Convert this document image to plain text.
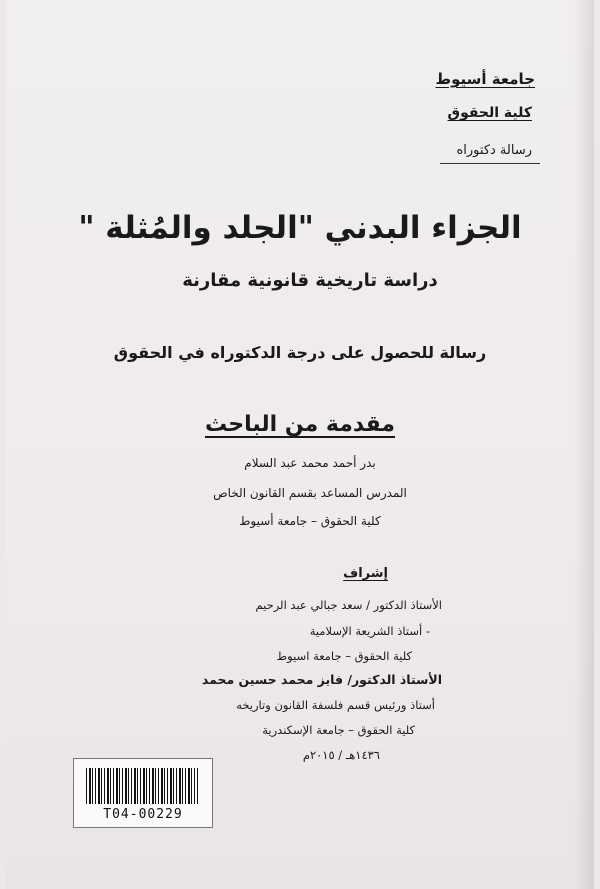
جامعة أسيوط
كلية الحقوق
رسالة دكتوراه
الجزاء البدني "الجلد والمُثلة "
دراسة تاريخية قانونية مقارنة
رسالة للحصول على درجة الدكتوراه في الحقوق
مقدمة من الباحث
بدر أحمد محمد عبد السلام
المدرس المساعد بقسم القانون الخاص
كلية الحقوق – جامعة أسيوط
إشراف
الأستاذ الدكتور / سعد جبالي عبد الرحيم
- أستاذ الشريعة الإسلامية
كلية الحقوق – جامعة اسيوط
الأستاذ الدكتور/ فايز محمد حسين محمد
أستاذ ورئيس قسم فلسفة القانون وتاريخه
كلية الحقوق – جامعة الإسكندرية
١٤٣٦هـ / ٢٠١٥م
T04-00229
